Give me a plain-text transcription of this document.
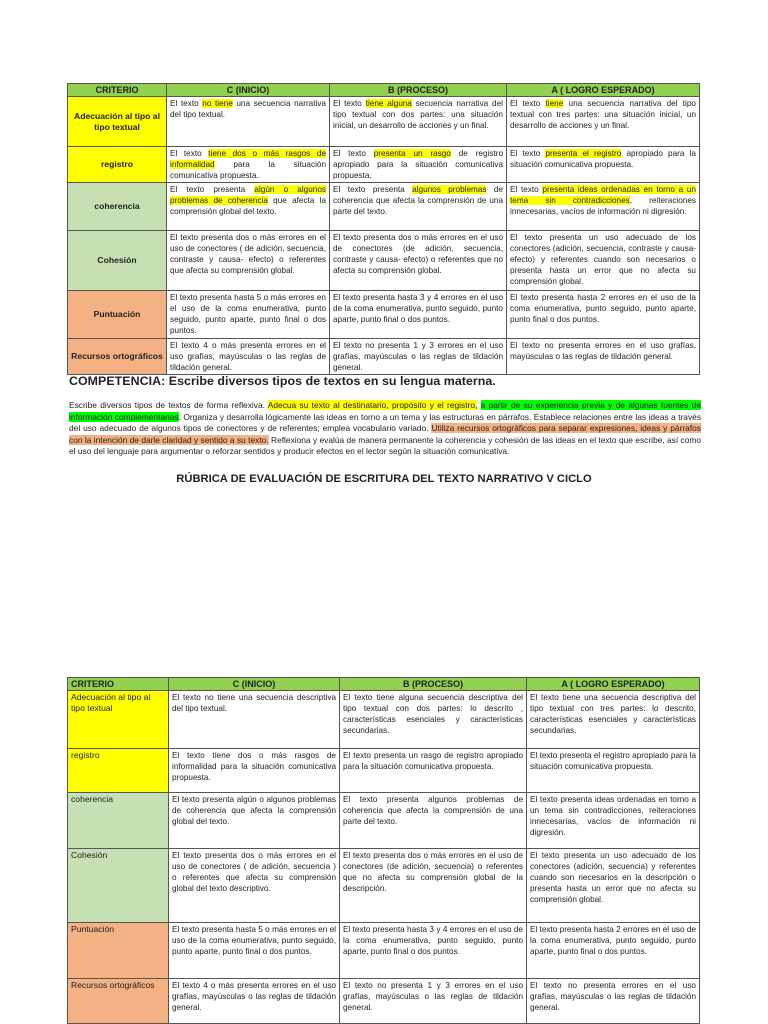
CRITERIO	C (INICIO)	B (PROCESO)	A ( LOGRO ESPERADO)
Adecuación al tipo al tipo textual	El texto no tiene una secuencia narrativa del tipo textual.	El texto tiene alguna secuencia narrativa del tipo textual con dos partes: una situación inicial, un desarrollo de acciones y un final.	El texto tiene una secuencia narrativa del tipo textual con tres partes: una situación inicial, un desarrollo de acciones y un final.
registro	El texto tiene dos o más rasgos de informalidad para la situación comunicativa propuesta.	El texto presenta un rasgo de registro apropiado para la situación comunicativa propuesta.	El texto presenta el registro apropiado para la situación comunicativa propuesta.
coherencia	El texto presenta algún o algunos problemas de coherencia que afecta la comprensión global del texto.	El texto presenta algunos problemas de coherencia que afecta la comprensión de una parte del texto.	El texto presenta ideas ordenadas en torno a un tema sin contradicciones, reiteraciones innecesarias, vacíos de información ni digresión.
Cohesión	El texto presenta dos o más errores en el uso de conectores ( de adición, secuencia, contraste y causa- efecto) o referentes que afecta su comprensión global.	El texto presenta dos o más errores en el uso de conectores (de adición, secuencia, contraste y causa- efecto) o referentes que no afecta su comprensión global.	El texto presenta un uso adecuado de los conectores (adición, secuencia, contraste y causa- efecto) y referentes cuando son necesarios o presenta hasta un error que no afecta su comprensión global.
Puntuación	El texto presenta hasta 5 o más errores en el uso de la coma enumerativa, punto seguido, punto aparte, punto final o dos puntos.	El texto presenta hasta 3 y 4 errores en el uso de la coma enumerativa, punto seguido, punto aparte, punto final o dos puntos.	El texto presenta hasta 2 errores en el uso de la coma enumerativa, punto seguido, punto aparte, punto final o dos puntos.
Recursos ortográficos	El texto 4 o más presenta errores en el uso grafías, mayúsculas o las reglas de tildación general.	El texto no presenta 1 y 3 errores en el uso grafías, mayúsculas o las reglas de tildación general.	El texto no presenta errores en el uso grafías, mayúsculas o las reglas de tildación general.
COMPETENCIA: Escribe diversos tipos de textos en su lengua materna.
Escribe diversos tipos de textos de forma reflexiva. Adecua su texto al destinatario, propósito y el registro, a partir de su experiencia previa y de algunas fuentes de información complementarias. Organiza y desarrolla lógicamente las ideas en torno a un tema y las estructuras en párrafos. Establece relaciones entre las ideas a través del uso adecuado de algunos tipos de conectores y de referentes; emplea vocabulario variado. Utiliza recursos ortográficos para separar expresiones, ideas y párrafos con la intención de darle claridad y sentido a su texto. Reflexiona y evalúa de manera permanente la coherencia y cohesión de las ideas en el texto que escribe, así como el uso del lenguaje para argumentar o reforzar sentidos y producir efectos en el lector según la situación comunicativa.
RÚBRICA DE EVALUACIÓN DE ESCRITURA DEL TEXTO NARRATIVO V CICLO
CRITERIO	C (INICIO)	B (PROCESO)	A ( LOGRO ESPERADO)
Adecuación al tipo al tipo textual	El texto no tiene una secuencia descriptiva del tipo textual.	El texto tiene alguna secuencia descriptiva del tipo textual con dos partes: lo descrito , características esenciales y características secundarias.	El texto tiene una secuencia descriptiva del tipo textual con tres partes: lo descrito, características esenciales y características secundarias.
registro	El texto tiene dos o más rasgos de informalidad para la situación comunicativa propuesta.	El texto presenta un rasgo de registro apropiado para la situación comunicativa propuesta.	El texto presenta el registro apropiado para la situación comunicativa propuesta.
coherencia	El texto presenta algún o algunos problemas de coherencia que afecta la comprensión global del texto.	El texto presenta algunos problemas de coherencia que afecta la comprensión de una parte del texto.	El texto presenta ideas ordenadas en torno a un tema sin contradicciones, reiteraciones innecesarias, vacíos de información ni digresión.
Cohesión	El texto presenta dos o más errores en el uso de conectores ( de adición, secuencia ) o referentes que afecta su comprensión global del texto descriptivo.	El texto presenta dos o más errores en el uso de conectores (de adición, secuencia) o referentes que no afecta su comprensión global de la descripción.	El texto presenta un uso adecuado de los conectores (adición, secuencia) y referentes cuando son necesarios en la descripción o presenta hasta un error que no afecta su comprensión global.
Puntuación	El texto presenta hasta 5 o más errores en el uso de la coma enumerativa, punto seguido, punto aparte, punto final o dos puntos.	El texto presenta hasta 3 y 4 errores en el uso de la coma enumerativa, punto seguido, punto aparte, punto final o dos puntos.	El texto presenta hasta 2 errores en el uso de la coma enumerativa, punto seguido, punto aparte, punto final o dos puntos.
Recursos ortográficos	El texto 4 o más presenta errores en el uso grafías, mayúsculas o las reglas de tildación general.	El texto no presenta 1 y 3 errores en el uso grafías, mayúsculas o las reglas de tildación general.	El texto no presenta errores en el uso grafías, mayúsculas o las reglas de tildación general.
